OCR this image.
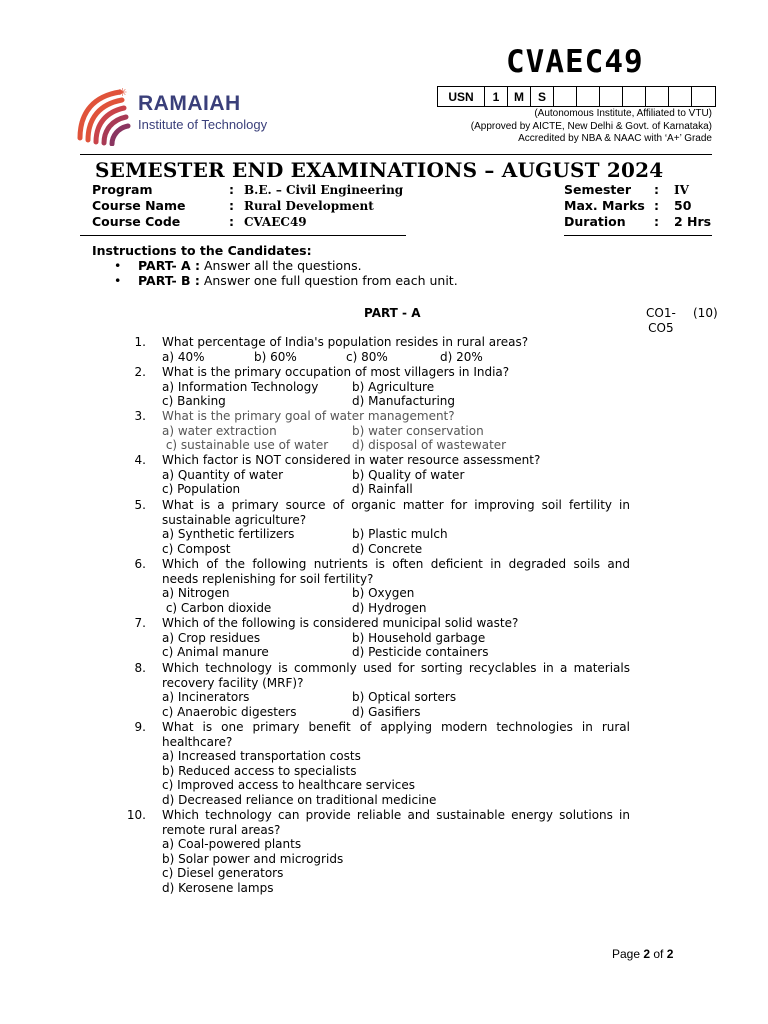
CVAEC49
✳ RAMAIAH
Institute of Technology
USN	1	M	S
(Autonomous Institute, Affiliated to VTU)
(Approved by AICTE, New Delhi & Govt. of Karnataka)
Accredited by NBA & NAAC with ‘A+’ Grade
SEMESTER END EXAMINATIONS – AUGUST 2024
Program	: B.E. – Civil Engineering
Course Name	: Rural Development
Course Code	: CVAEC49
Semester : IV
Max. Marks : 50
Duration : 2 Hrs
Instructions to the Candidates:
• PART- A : Answer all the questions.
• PART- B : Answer one full question from each unit.
PART - A	CO1-
CO5
(10)
1. What percentage of India's population resides in rural areas?
a) 40%	b) 60%	c) 80%	d) 20%
2. What is the primary occupation of most villagers in India?
a) Information Technology	b) Agriculture
c) Banking	d) Manufacturing
3. What is the primary goal of water management?
a) water extraction	b) water conservation
c) sustainable use of water d) disposal of wastewater
4. Which factor is NOT considered in water resource assessment?
a) Quantity of water	b) Quality of water
c) Population	d) Rainfall
5. What is a primary source of organic matter for improving soil fertility in sustainable agriculture?
a) Synthetic fertilizers	b) Plastic mulch
c) Compost	d) Concrete
6. Which of the following nutrients is often deficient in degraded soils and needs replenishing for soil fertility?
a) Nitrogen	b) Oxygen
c) Carbon dioxide	d) Hydrogen
7. Which of the following is considered municipal solid waste?
a) Crop residues	b) Household garbage
c) Animal manure	d) Pesticide containers
8. Which technology is commonly used for sorting recyclables in a materials recovery facility (MRF)?
a) Incinerators	b) Optical sorters
c) Anaerobic digesters	d) Gasifiers
9. What is one primary benefit of applying modern technologies in rural healthcare?
a) Increased transportation costs
b) Reduced access to specialists
c) Improved access to healthcare services
d) Decreased reliance on traditional medicine
10. Which technology can provide reliable and sustainable energy solutions in remote rural areas?
a) Coal-powered plants
b) Solar power and microgrids
c) Diesel generators
d) Kerosene lamps
Page 2 of 2
